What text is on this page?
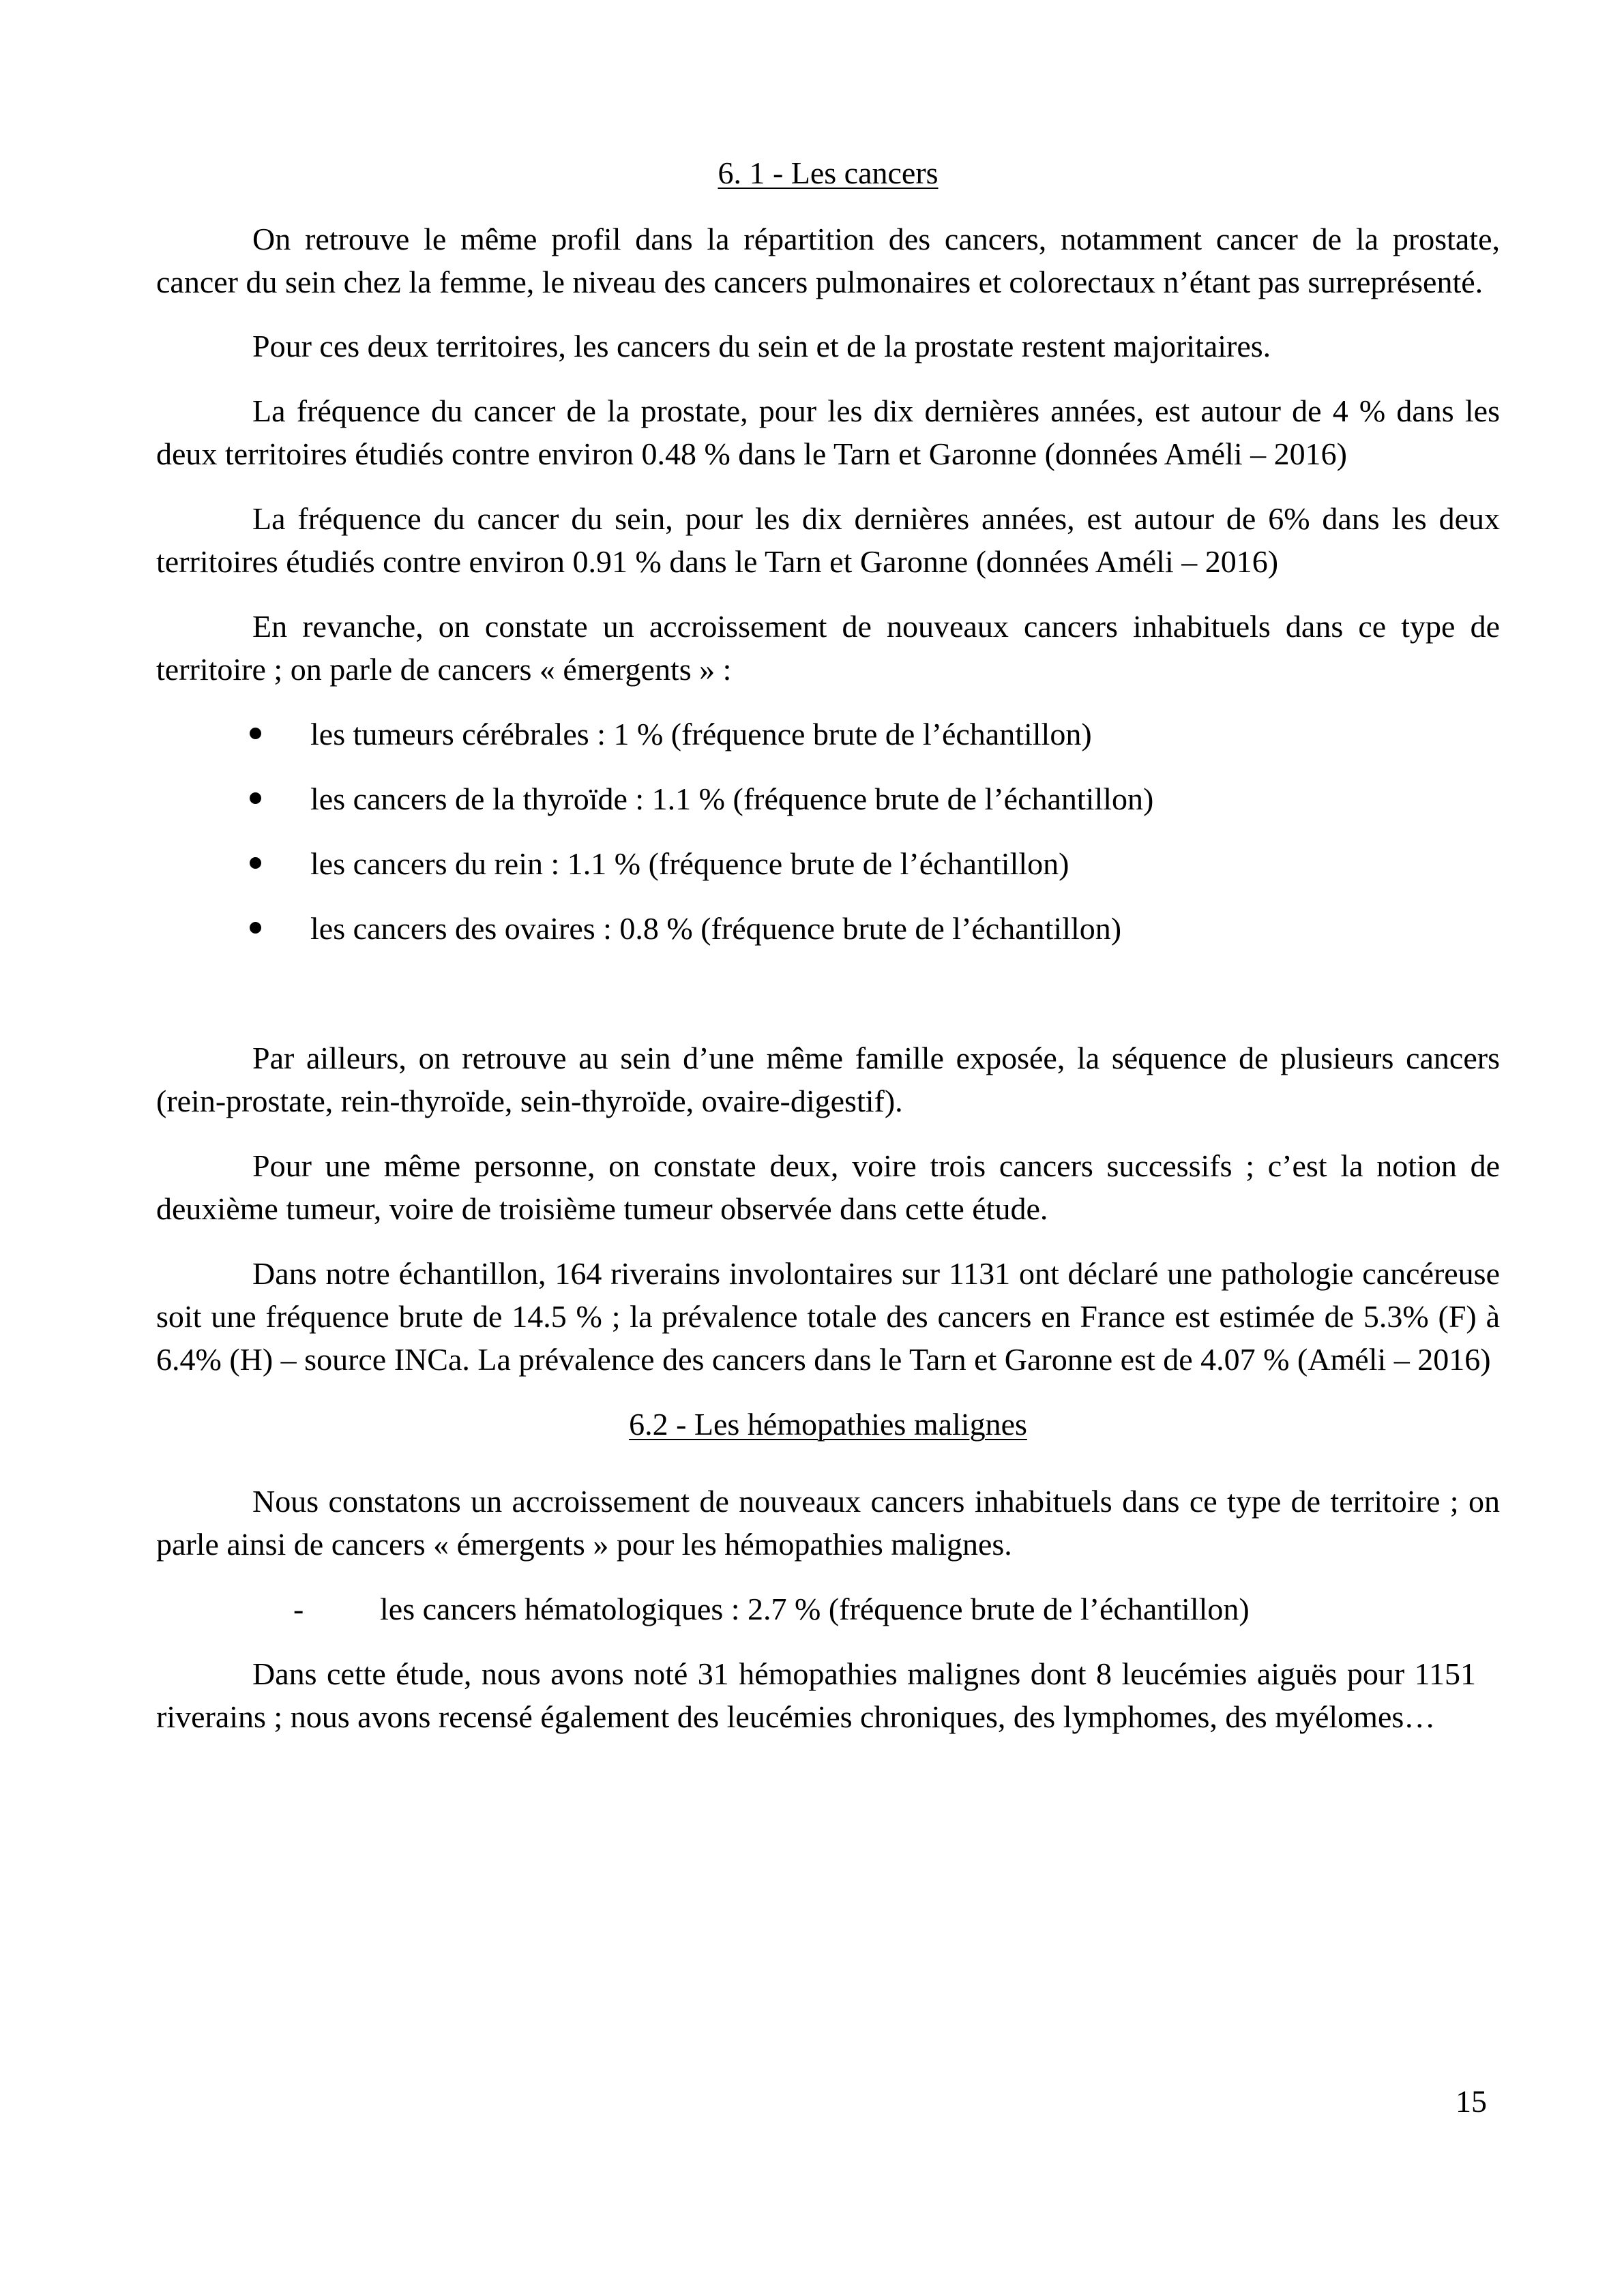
6. 1 - Les cancers

On retrouve le même profil dans la répartition des cancers, notamment cancer de la prostate, cancer du sein chez la femme, le niveau des cancers pulmonaires et colorectaux n’étant pas surreprésenté.

Pour ces deux territoires, les cancers du sein et de la prostate restent majoritaires.

La fréquence du cancer de la prostate, pour les dix dernières années, est autour de 4 % dans les deux territoires étudiés contre environ 0.48 % dans le Tarn et Garonne (données Améli – 2016)

La fréquence du cancer du sein, pour les dix dernières années, est autour de 6% dans les deux territoires étudiés contre environ 0.91 % dans le Tarn et Garonne (données Améli – 2016)

En revanche, on constate un accroissement de nouveaux cancers inhabituels dans ce type de territoire ; on parle de cancers « émergents » :

les tumeurs cérébrales : 1 % (fréquence brute de l’échantillon)
les cancers de la thyroïde : 1.1 % (fréquence brute de l’échantillon)
les cancers du rein : 1.1 % (fréquence brute de l’échantillon)
les cancers des ovaires : 0.8 % (fréquence brute de l’échantillon)

Par ailleurs, on retrouve au sein d’une même famille exposée, la séquence de plusieurs cancers (rein-prostate, rein-thyroïde, sein-thyroïde, ovaire-digestif).

Pour une même personne, on constate deux, voire trois cancers successifs ; c’est la notion de deuxième tumeur, voire de troisième tumeur observée dans cette étude.

Dans notre échantillon, 164 riverains involontaires sur 1131 ont déclaré une pathologie cancéreuse soit une fréquence brute de 14.5 % ; la prévalence totale des cancers en France est estimée de 5.3% (F) à 6.4% (H) – source INCa. La prévalence des cancers dans le Tarn et Garonne est de 4.07 % (Améli – 2016)

6.2 - Les hémopathies malignes

Nous constatons un accroissement de nouveaux cancers inhabituels dans ce type de territoire ; on parle ainsi de cancers « émergents » pour les hémopathies malignes.

- les cancers hématologiques : 2.7 % (fréquence brute de l’échantillon)

Dans cette étude, nous avons noté 31 hémopathies malignes dont 8 leucémies aiguës pour 1151 riverains ; nous avons recensé également des leucémies chroniques, des lymphomes, des myélomes…

15
